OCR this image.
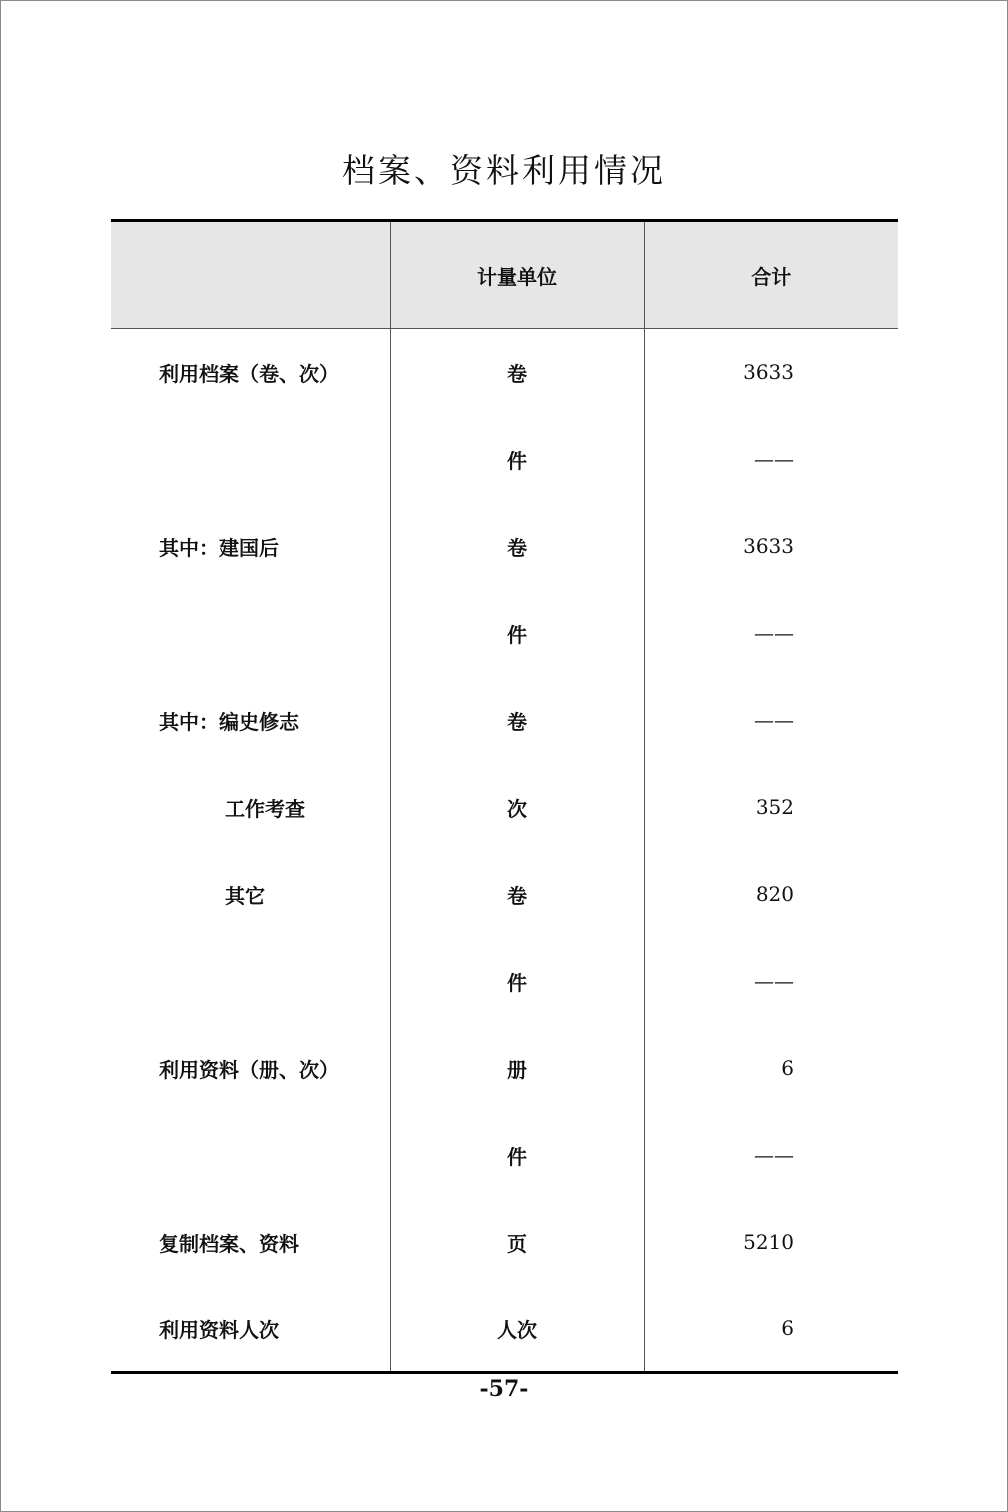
档案、资料利用情况
	计量单位	合计
利用档案（卷、次）	卷	3633
	件	——
其中：建国后	卷	3633
	件	——
其中：编史修志	卷	——
工作考查	次	352
其它	卷	820
	件	——
利用资料（册、次）	册	6
	件	——
复制档案、资料	页	5210
利用资料人次	人次	6
-57-
